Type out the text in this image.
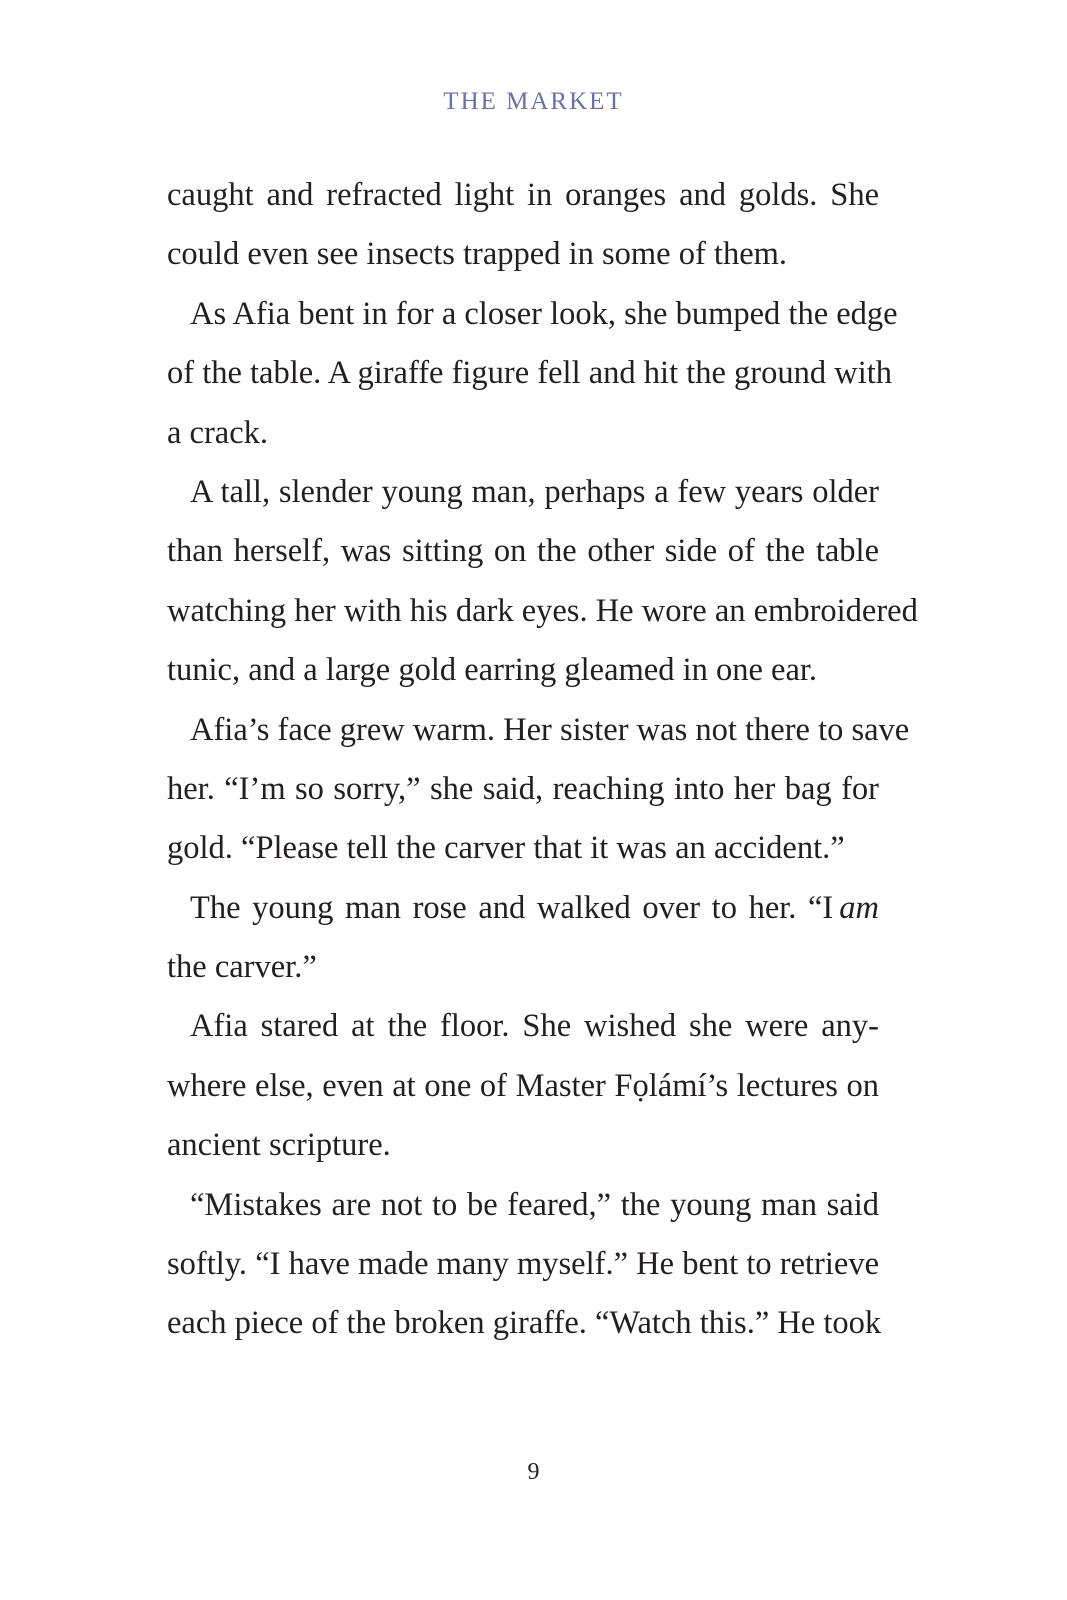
THE MARKET
caught and refracted light in oranges and golds. She
could even see insects trapped in some of them.
As Afia bent in for a closer look, she bumped the edge
of the table. A giraffe figure fell and hit the ground with
a crack.
A tall, slender young man, perhaps a few years older
than herself, was sitting on the other side of the table
watching her with his dark eyes. He wore an embroidered
tunic, and a large gold earring gleamed in one ear.
Afia’s face grew warm. Her sister was not there to save
her. “I’m so sorry,” she said, reaching into her bag for
gold. “Please tell the carver that it was an accident.”
The young man rose and walked over to her. “I am
the carver.”
Afia stared at the floor. She wished she were any-
where else, even at one of Master Fọlámí’s lectures on
ancient scripture.
“Mistakes are not to be feared,” the young man said
softly. “I have made many myself.” He bent to retrieve
each piece of the broken giraffe. “Watch this.” He took
9
